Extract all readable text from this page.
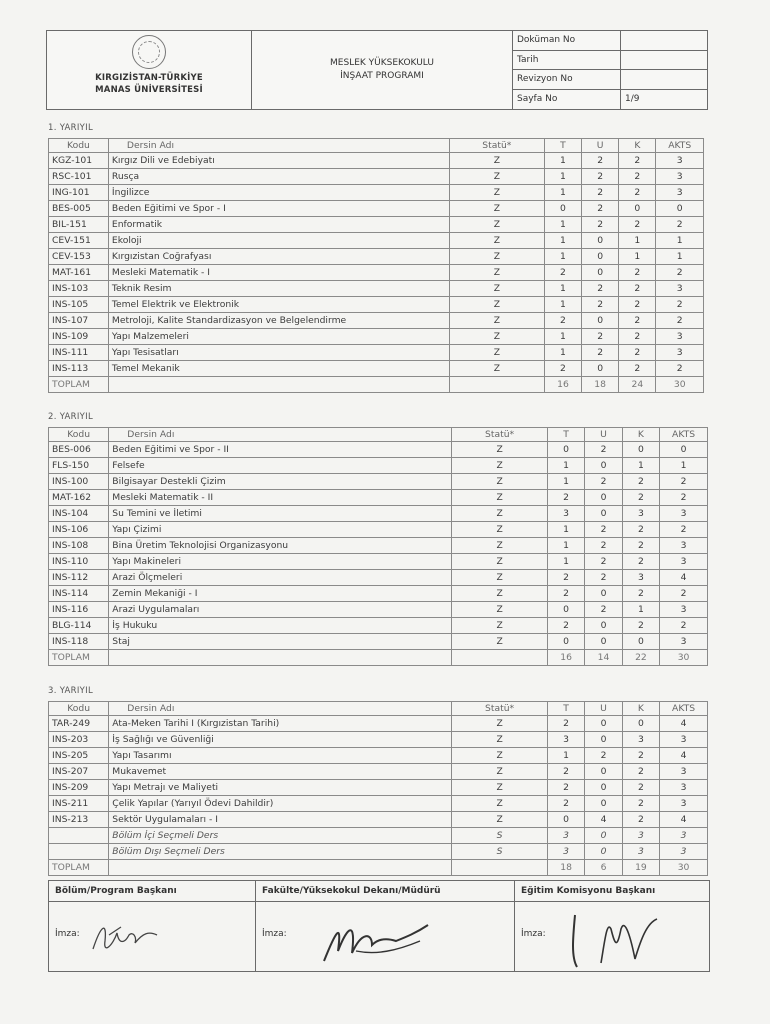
KIRGIZİSTAN-TÜRKİYE
MANAS ÜNİVERSİTESİ
MESLEK YÜKSEKOKULU
İNŞAAT PROGRAMI
Doküman No
Tarih
Revizyon No
Sayfa No	1/9
1. YARIYIL
Kodu	Dersin Adı	Statü*	T	U	K	AKTS
KGZ-101	Kırgız Dili ve Edebiyatı	Z	1	2	2	3
RSC-101	Rusça	Z	1	2	2	3
ING-101	İngilizce	Z	1	2	2	3
BES-005	Beden Eğitimi ve Spor - I	Z	0	2	0	0
BIL-151	Enformatik	Z	1	2	2	2
CEV-151	Ekoloji	Z	1	0	1	1
CEV-153	Kırgızistan Coğrafyası	Z	1	0	1	1
MAT-161	Mesleki Matematik - I	Z	2	0	2	2
INS-103	Teknik Resim	Z	1	2	2	3
INS-105	Temel Elektrik ve Elektronik	Z	1	2	2	2
INS-107	Metroloji, Kalite Standardizasyon ve Belgelendirme	Z	2	0	2	2
INS-109	Yapı Malzemeleri	Z	1	2	2	3
INS-111	Yapı Tesisatları	Z	1	2	2	3
INS-113	Temel Mekanik	Z	2	0	2	2
TOPLAM			16	18	24	30
2. YARIYIL
Kodu	Dersin Adı	Statü*	T	U	K	AKTS
BES-006	Beden Eğitimi ve Spor - II	Z	0	2	0	0
FLS-150	Felsefe	Z	1	0	1	1
INS-100	Bilgisayar Destekli Çizim	Z	1	2	2	2
MAT-162	Mesleki Matematik - II	Z	2	0	2	2
INS-104	Su Temini ve İletimi	Z	3	0	3	3
INS-106	Yapı Çizimi	Z	1	2	2	2
INS-108	Bina Üretim Teknolojisi Organizasyonu	Z	1	2	2	3
INS-110	Yapı Makineleri	Z	1	2	2	3
INS-112	Arazi Ölçmeleri	Z	2	2	3	4
INS-114	Zemin Mekaniği - I	Z	2	0	2	2
INS-116	Arazi Uygulamaları	Z	0	2	1	3
BLG-114	İş Hukuku	Z	2	0	2	2
INS-118	Staj	Z	0	0	0	3
TOPLAM			16	14	22	30
3. YARIYIL
Kodu	Dersin Adı	Statü*	T	U	K	AKTS
TAR-249	Ata-Meken Tarihi I (Kırgızistan Tarihi)	Z	2	0	0	4
INS-203	İş Sağlığı ve Güvenliği	Z	3	0	3	3
INS-205	Yapı Tasarımı	Z	1	2	2	4
INS-207	Mukavemet	Z	2	0	2	3
INS-209	Yapı Metrajı ve Maliyeti	Z	2	0	2	3
INS-211	Çelik Yapılar (Yarıyıl Ödevi Dahildir)	Z	2	0	2	3
INS-213	Sektör Uygulamaları - I	Z	0	4	2	4
	Bölüm İçi Seçmeli Ders	S	3	0	3	3
	Bölüm Dışı Seçmeli Ders	S	3	0	3	3
TOPLAM			18	6	19	30
Bölüm/Program Başkanı
İmza:
Fakülte/Yüksekokul Dekanı/Müdürü
İmza:
Eğitim Komisyonu Başkanı
İmza:
